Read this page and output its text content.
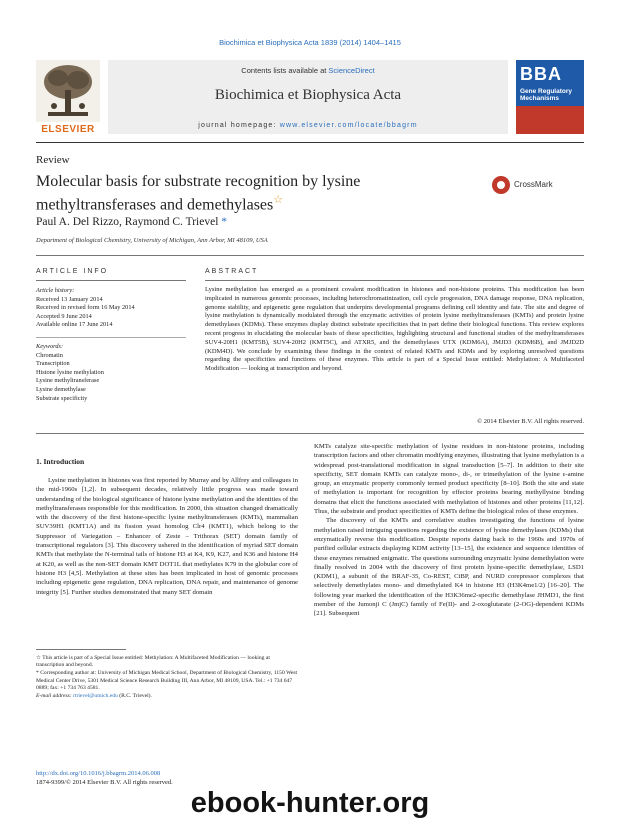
Biochimica et Biophysica Acta 1839 (2014) 1404–1415
ELSEVIER
Contents lists available at ScienceDirect
Biochimica et Biophysica Acta
journal homepage: www.elsevier.com/locate/bbagrm
BBA
Gene Regulatory Mechanisms
Review
Molecular basis for substrate recognition by lysine methyltransferases and demethylases☆
CrossMark
Paul A. Del Rizzo, Raymond C. Trievel *
Department of Biological Chemistry, University of Michigan, Ann Arbor, MI 48109, USA
ARTICLE INFO	ABSTRACT
Article history:
Received 13 January 2014
Received in revised form 16 May 2014
Accepted 9 June 2014
Available online 17 June 2014
Keywords:
Chromatin
Transcription
Histone lysine methylation
Lysine methyltransferase
Lysine demethylase
Substrate specificity
Lysine methylation has emerged as a prominent covalent modification in histones and non-histone proteins. This modification has been implicated in numerous genomic processes, including heterochromatinization, cell cycle progression, DNA damage response, DNA replication, genome stability, and epigenetic gene regulation that underpins developmental programs defining cell identity and fate. The site and degree of lysine methylation is dynamically modulated through the enzymatic activities of protein lysine methyltransferases (KMTs) and protein lysine demethylases (KDMs). These enzymes display distinct substrate specificities that in part define their biological functions. This review explores recent progress in elucidating the molecular basis of these specificities, highlighting structural and functional studies of the methyltransferases SUV4-20H1 (KMT5B), SUV4-20H2 (KMT5C), and ATXR5, and the demethylases UTX (KDM6A), JMJD3 (KDM6B), and JMJD2D (KDM4D). We conclude by examining these findings in the context of related KMTs and KDMs and by exploring unresolved questions regarding the specificities and functions of these enzymes. This article is part of a Special Issue entitled: Methylation: A Multifaceted Modification — looking at transcription and beyond.
© 2014 Elsevier B.V. All rights reserved.
1. Introduction

Lysine methylation in histones was first reported by Murray and by Allfrey and colleagues in the mid-1960s [1,2]. In subsequent decades, relatively little progress was made toward understanding of the biological significance of histone lysine methylation and the identities of the methyltransferases responsible for this modification. In 2000, this situation changed dramatically with the discovery of the first histone-specific lysine methyltransferases (KMTs), mammalian SUV39H1 (KMT1A) and its fission yeast homolog Clr4 (KMT1), which belong to the Suppressor of Variegation – Enhancer of Zeste – Trithorax (SET) domain family of transcriptional regulators [3]. This discovery ushered in the identification of myriad SET domain KMTs that methylate the N-terminal tails of histone H3 at K4, K9, K27, and K36 and histone H4 at K20, as well as the non-SET domain KMT DOT1L that methylates K79 in the globular core of histone H3 [4,5]. Methylation at these sites has been implicated in host of genomic processes including epigenetic gene regulation, DNA replication, DNA repair, and maintenance of genome integrity [5]. Further studies demonstrated that many SET domain

KMTs catalyze site-specific methylation of lysine residues in non-histone proteins, including transcription factors and other chromatin modifying enzymes, illustrating that lysine methylation is a widespread post-translational modification in signal transduction [5–7]. In addition to their site specificity, SET domain KMTs can catalyze mono-, di-, or trimethylation of the lysine ε-amine group, an enzymatic property commonly termed product specificity [8–10]. Both the site and state of methylation is important for recognition by effector proteins bearing methyllysine binding domains that elicit the functions associated with methylation of histones and other proteins [11,12]. Thus, the substrate and product specificities of KMTs define the biological roles of these enzymes.

The discovery of the KMTs and correlative studies investigating the functions of lysine methylation raised intriguing questions regarding the existence of lysine demethylases (KDMs) that enzymatically reverse this modification. Despite reports dating back to the 1960s and 1970s of purified cellular extracts displaying KDM activity [13–15], the existence and sequence identities of these enzymes remained enigmatic. The questions surrounding enzymatic lysine demethylation were finally resolved in 2004 with the discovery of first protein lysine-specific demethylase, LSD1 (KDM1), a subunit of the BRAF-35, Co-REST, CtBP, and NURD corepressor complexes that selectively demethylates mono- and dimethylated K4 in histone H3 (H3K4me1/2) [16–20]. The following year marked the identification of the H3K36me2-specific demethylase JHMD1, the first member of the Jumonji C (JmjC) family of Fe(II)- and 2-oxoglutarate (2-OG)-dependent KDMs [21]. Subsequent

☆ This article is part of a Special Issue entitled: Methylation: A Multifaceted Modification — looking at transcription and beyond.

* Corresponding author at: University of Michigan Medical School, Department of Biological Chemistry, 1150 West Medical Center Drive, 5301 Medical Science Research Building III, Ann Arbor, MI 48109, USA. Tel.: +1 734 647 0889; fax: +1 734 763 4581.

E-mail address: rtrievel@umich.edu (R.C. Trievel).

http://dx.doi.org/10.1016/j.bbagrm.2014.06.008
1874-9399/© 2014 Elsevier B.V. All rights reserved.
ebook-hunter.org
